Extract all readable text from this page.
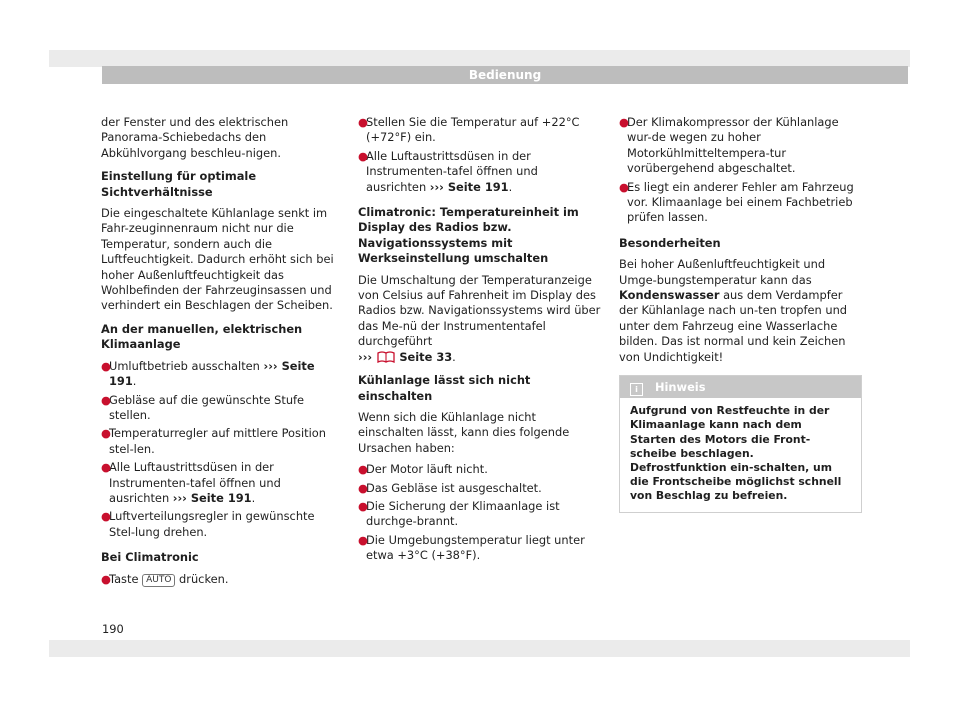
Bedienung

der Fenster und des elektrischen Panorama-Schiebedachs den Abkühlvorgang beschleu-nigen.

Einstellung für optimale Sichtverhältnisse

Die eingeschaltete Kühlanlage senkt im Fahr-zeuginnenraum nicht nur die Temperatur, sondern auch die Luftfeuchtigkeit. Dadurch erhöht sich bei hoher Außenluftfeuchtigkeit das Wohlbefinden der Fahrzeuginsassen und verhindert ein Beschlagen der Scheiben.

An der manuellen, elektrischen Klimaanlage

●
Umluftbetrieb ausschalten ››› Seite 191.
●
Gebläse auf die gewünschte Stufe stellen.
●
Temperaturregler auf mittlere Position stel-len.
●
Alle Luftaustrittsdüsen in der Instrumenten-tafel öffnen und ausrichten ››› Seite 191.
●
Luftverteilungsregler in gewünschte Stel-lung drehen.

Bei Climatronic

●
Taste AUTO drücken.
●
Stellen Sie die Temperatur auf +22°C (+72°F) ein.
●
Alle Luftaustrittsdüsen in der Instrumenten-tafel öffnen und ausrichten ››› Seite 191.

Climatronic: Temperatureinheit im Display des Radios bzw. Navigationssystems mit Werkseinstellung umschalten

Die Umschaltung der Temperaturanzeige von Celsius auf Fahrenheit im Display des Radios bzw. Navigationssystems wird über das Me-nü der Instrumententafel durchgeführt
››› Seite 33.

Kühlanlage lässt sich nicht einschalten

Wenn sich die Kühlanlage nicht einschalten lässt, kann dies folgende Ursachen haben:

●
Der Motor läuft nicht.
●
Das Gebläse ist ausgeschaltet.
●
Die Sicherung der Klimaanlage ist durchge-brannt.
●
Die Umgebungstemperatur liegt unter etwa +3°C (+38°F).
●
Der Klimakompressor der Kühlanlage wur-de wegen zu hoher Motorkühlmitteltempera-tur vorübergehend abgeschaltet.
●
Es liegt ein anderer Fehler am Fahrzeug vor. Klimaanlage bei einem Fachbetrieb prüfen lassen.

Besonderheiten

Bei hoher Außenluftfeuchtigkeit und Umge-bungstemperatur kann das Kondenswasser aus dem Verdampfer der Kühlanlage nach un-ten tropfen und unter dem Fahrzeug eine Wasserlache bilden. Das ist normal und kein Zeichen von Undichtigkeit!

i Hinweis
Aufgrund von Restfeuchte in der Klimaanlage kann nach dem Starten des Motors die Front-scheibe beschlagen. Defrostfunktion ein-schalten, um die Frontscheibe möglichst schnell von Beschlag zu befreien.
190
